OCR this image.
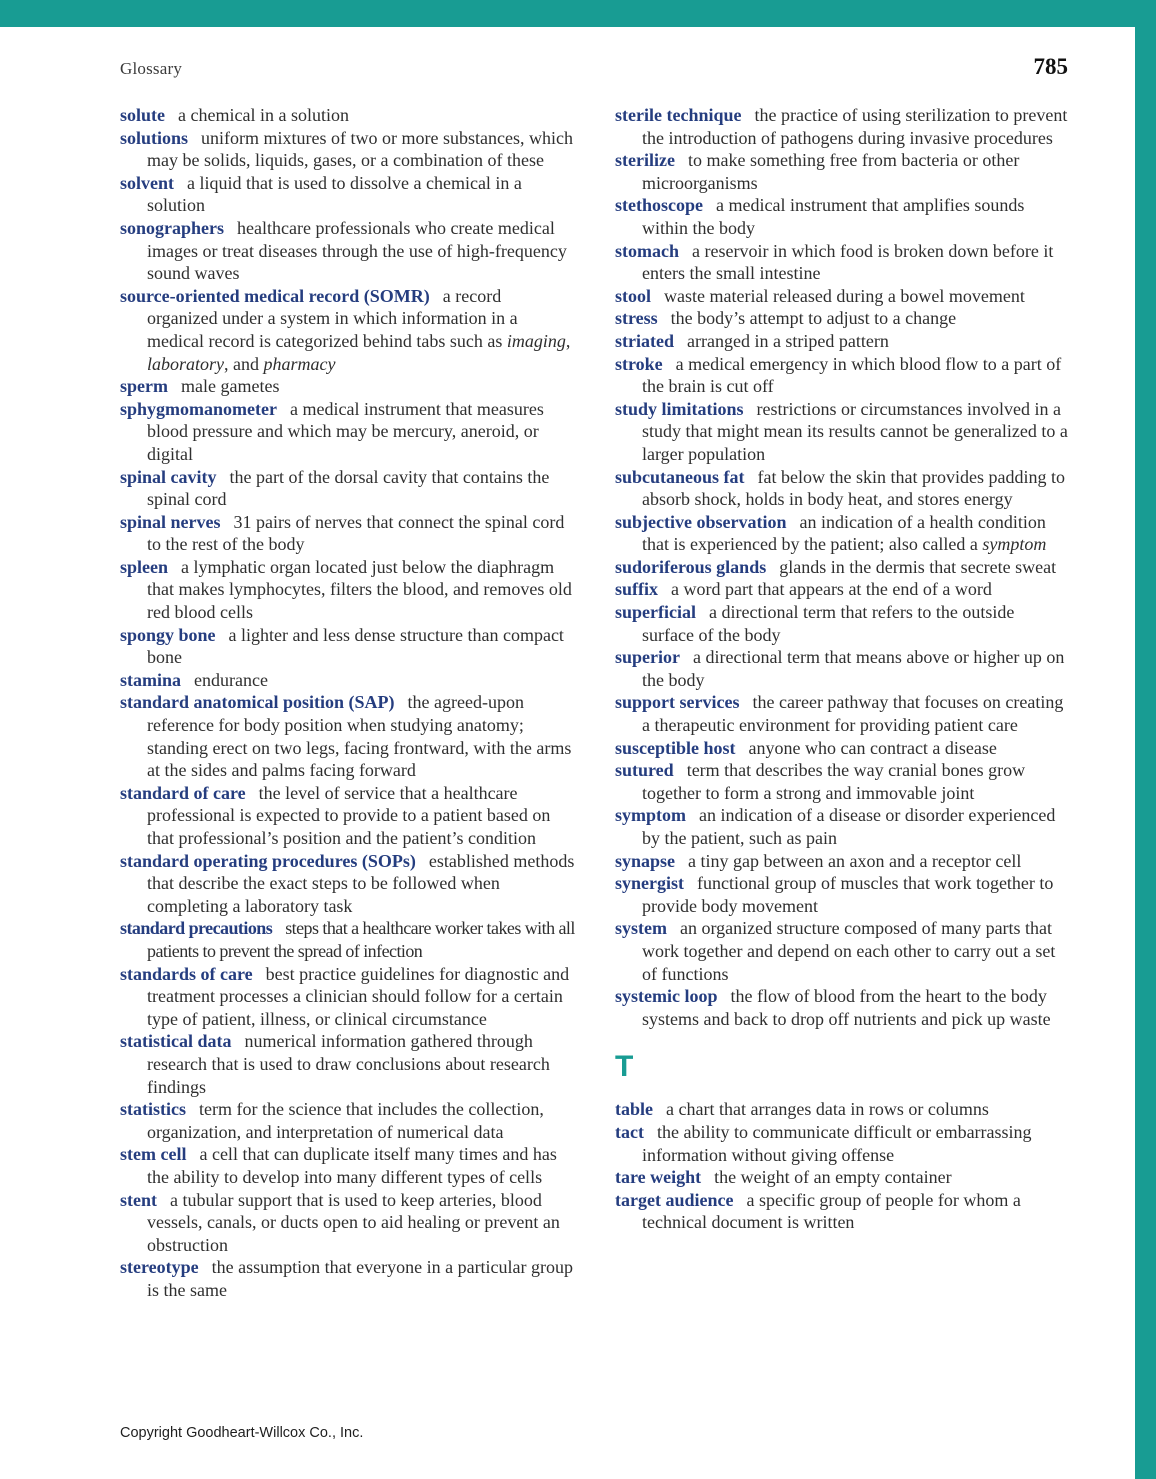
Glossary	785
solute a chemical in a solution
solutions uniform mixtures of two or more substances, which may be solids, liquids, gases, or a combination of these
solvent a liquid that is used to dissolve a chemical in a solution
sonographers healthcare professionals who create medical images or treat diseases through the use of high-frequency sound waves
source-oriented medical record (SOMR) a record organized under a system in which information in a medical record is categorized behind tabs such as imaging, laboratory, and pharmacy
sperm male gametes
sphygmomanometer a medical instrument that measures blood pressure and which may be mercury, aneroid, or digital
spinal cavity the part of the dorsal cavity that contains the spinal cord
spinal nerves 31 pairs of nerves that connect the spinal cord to the rest of the body
spleen a lymphatic organ located just below the diaphragm that makes lymphocytes, filters the blood, and removes old red blood cells
spongy bone a lighter and less dense structure than compact bone
stamina endurance
standard anatomical position (SAP) the agreed-upon reference for body position when studying anatomy; standing erect on two legs, facing frontward, with the arms at the sides and palms facing forward
standard of care the level of service that a healthcare professional is expected to provide to a patient based on that professional’s position and the patient’s condition
standard operating procedures (SOPs) established methods that describe the exact steps to be followed when completing a laboratory task
standard precautions steps that a healthcare worker takes with all patients to prevent the spread of infection
standards of care best practice guidelines for diagnostic and treatment processes a clinician should follow for a certain type of patient, illness, or clinical circumstance
statistical data numerical information gathered through research that is used to draw conclusions about research findings
statistics term for the science that includes the collection, organization, and interpretation of numerical data
stem cell a cell that can duplicate itself many times and has the ability to develop into many different types of cells
stent a tubular support that is used to keep arteries, blood vessels, canals, or ducts open to aid healing or prevent an obstruction
stereotype the assumption that everyone in a particular group is the same
sterile technique the practice of using sterilization to prevent the introduction of pathogens during invasive procedures
sterilize to make something free from bacteria or other microorganisms
stethoscope a medical instrument that amplifies sounds within the body
stomach a reservoir in which food is broken down before it enters the small intestine
stool waste material released during a bowel movement
stress the body’s attempt to adjust to a change
striated arranged in a striped pattern
stroke a medical emergency in which blood flow to a part of the brain is cut off
study limitations restrictions or circumstances involved in a study that might mean its results cannot be generalized to a larger population
subcutaneous fat fat below the skin that provides padding to absorb shock, holds in body heat, and stores energy
subjective observation an indication of a health condition that is experienced by the patient; also called a symptom
sudoriferous glands glands in the dermis that secrete sweat
suffix a word part that appears at the end of a word
superficial a directional term that refers to the outside surface of the body
superior a directional term that means above or higher up on the body
support services the career pathway that focuses on creating a therapeutic environment for providing patient care
susceptible host anyone who can contract a disease
sutured term that describes the way cranial bones grow together to form a strong and immovable joint
symptom an indication of a disease or disorder experienced by the patient, such as pain
synapse a tiny gap between an axon and a receptor cell
synergist functional group of muscles that work together to provide body movement
system an organized structure composed of many parts that work together and depend on each other to carry out a set of functions
systemic loop the flow of blood from the heart to the body systems and back to drop off nutrients and pick up waste
T
table a chart that arranges data in rows or columns
tact the ability to communicate difficult or embarrassing information without giving offense
tare weight the weight of an empty container
target audience a specific group of people for whom a technical document is written
Copyright Goodheart-Willcox Co., Inc.
